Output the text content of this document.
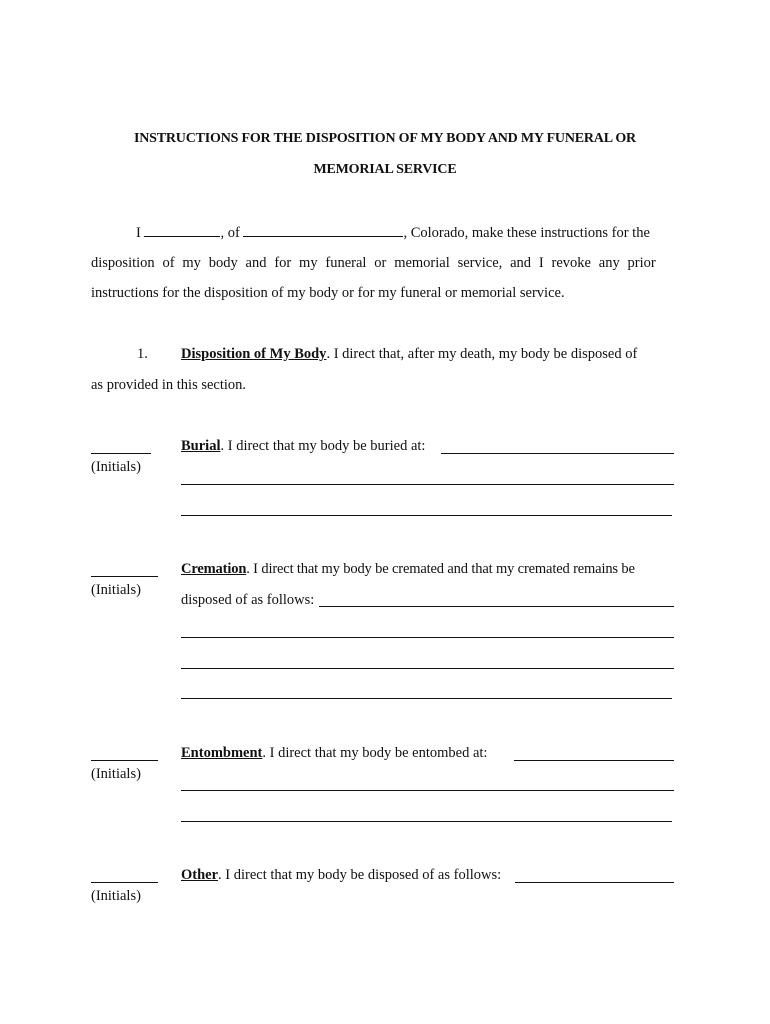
INSTRUCTIONS FOR THE DISPOSITION OF MY BODY AND MY FUNERAL OR
MEMORIAL SERVICE
I	, of	, Colorado, make these instructions for the
disposition of my body and for my funeral or memorial service, and I revoke any prior
instructions for the disposition of my body or for my funeral or memorial service.
1. Disposition of My Body. I direct that, after my death, my body be disposed of
as provided in this section.
(Initials)
Burial. I direct that my body be buried at:
(Initials)
Cremation. I direct that my body be cremated and that my cremated remains be
disposed of as follows:
(Initials)
Entombment. I direct that my body be entombed at:
(Initials)
Other. I direct that my body be disposed of as follows:
